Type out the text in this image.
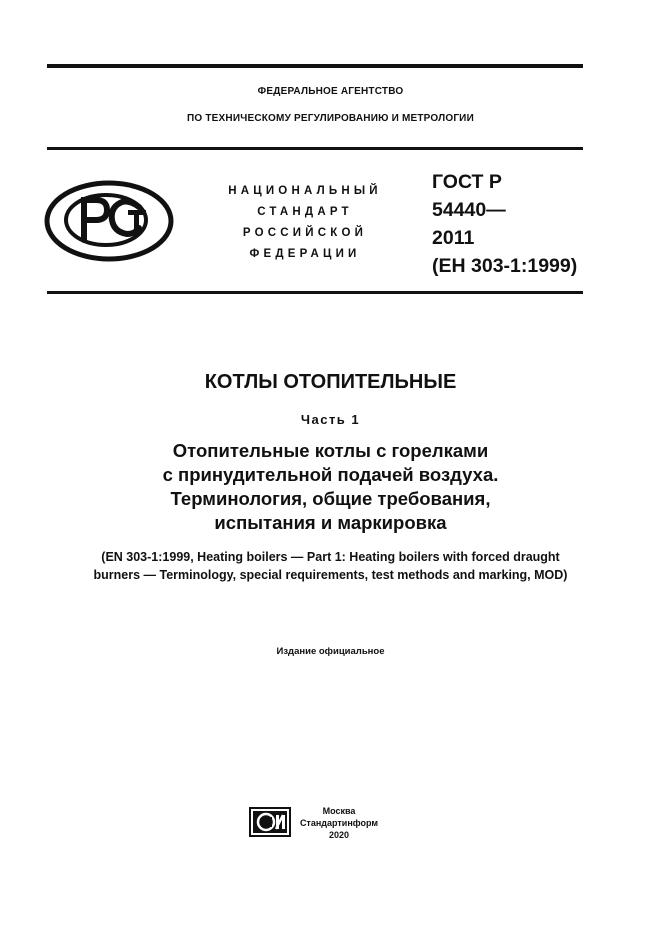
ФЕДЕРАЛЬНОЕ АГЕНТСТВО
ПО ТЕХНИЧЕСКОМУ РЕГУЛИРОВАНИЮ И МЕТРОЛОГИИ
НАЦИОНАЛЬНЫЙ
СТАНДАРТ
РОССИЙСКОЙ
ФЕДЕРАЦИИ
ГОСТ Р
54440—
2011
(ЕН 303-1:1999)
КОТЛЫ ОТОПИТЕЛЬНЫЕ
Часть 1
Отопительные котлы с горелками
с принудительной подачей воздуха.
Терминология, общие требования,
испытания и маркировка
(EN 303-1:1999, Heating boilers — Part 1: Heating boilers with forced draught
burners — Terminology, special requirements, test methods and marking, MOD)
Издание официальное
Москва
Стандартинформ
2020
